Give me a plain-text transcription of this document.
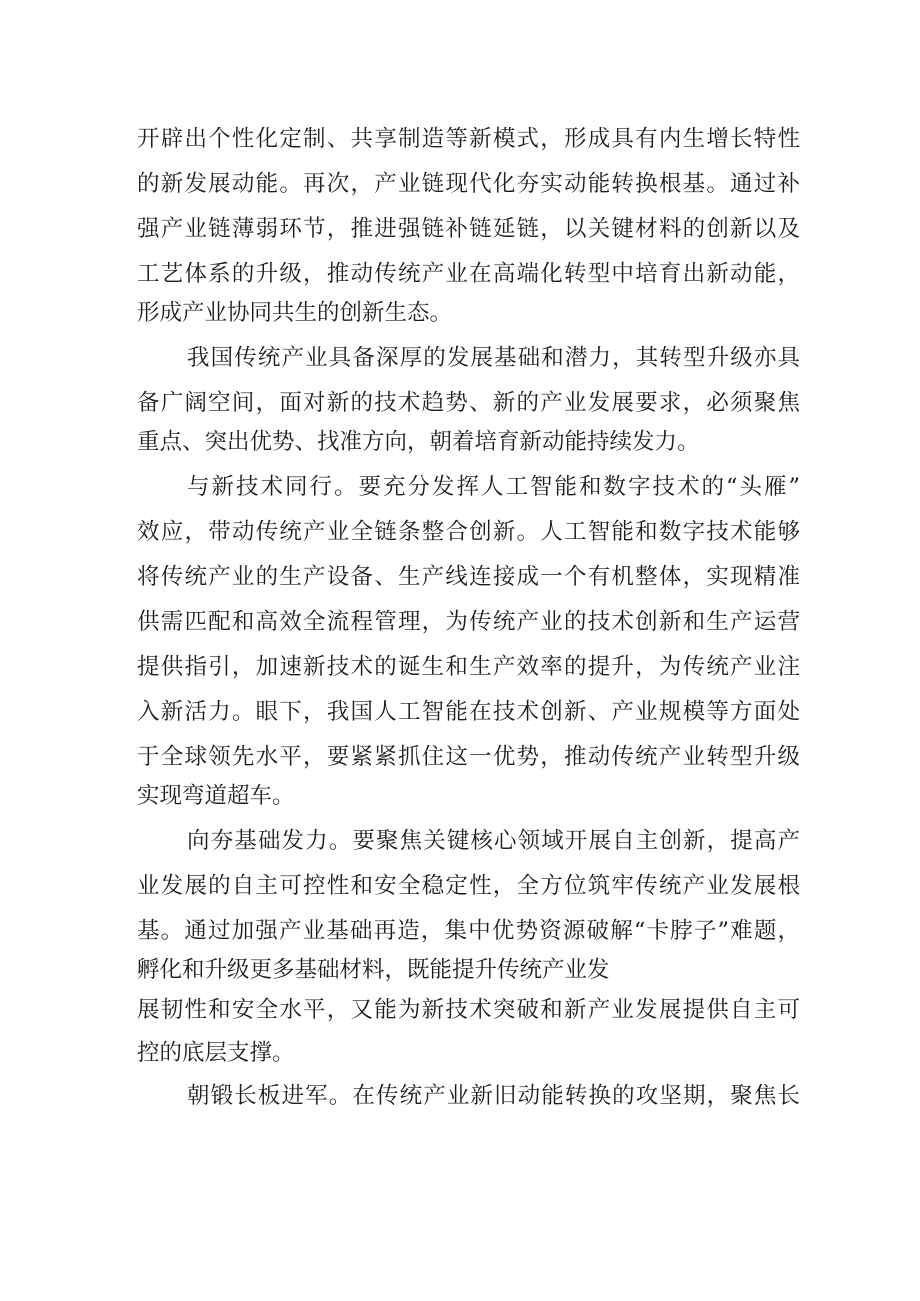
开辟出个性化定制、共享制造等新模式，形成具有内生增长特性
的新发展动能。再次，产业链现代化夯实动能转换根基。通过补
强产业链薄弱环节，推进强链补链延链，以关键材料的创新以及
工艺体系的升级，推动传统产业在高端化转型中培育出新动能，
形成产业协同共生的创新生态。
我国传统产业具备深厚的发展基础和潜力，其转型升级亦具
备广阔空间，面对新的技术趋势、新的产业发展要求，必须聚焦
重点、突出优势、找准方向，朝着培育新动能持续发力。
与新技术同行。要充分发挥人工智能和数字技术的“头雁”
效应，带动传统产业全链条整合创新。人工智能和数字技术能够
将传统产业的生产设备、生产线连接成一个有机整体，实现精准
供需匹配和高效全流程管理，为传统产业的技术创新和生产运营
提供指引，加速新技术的诞生和生产效率的提升，为传统产业注
入新活力。眼下，我国人工智能在技术创新、产业规模等方面处
于全球领先水平，要紧紧抓住这一优势，推动传统产业转型升级
实现弯道超车。
向夯基础发力。要聚焦关键核心领域开展自主创新，提高产
业发展的自主可控性和安全稳定性，全方位筑牢传统产业发展根
基。通过加强产业基础再造，集中优势资源破解“卡脖子”难题，
孵化和升级更多基础材料，既能提升传统产业发
展韧性和安全水平，又能为新技术突破和新产业发展提供自主可
控的底层支撑。
朝锻长板进军。在传统产业新旧动能转换的攻坚期，聚焦长
